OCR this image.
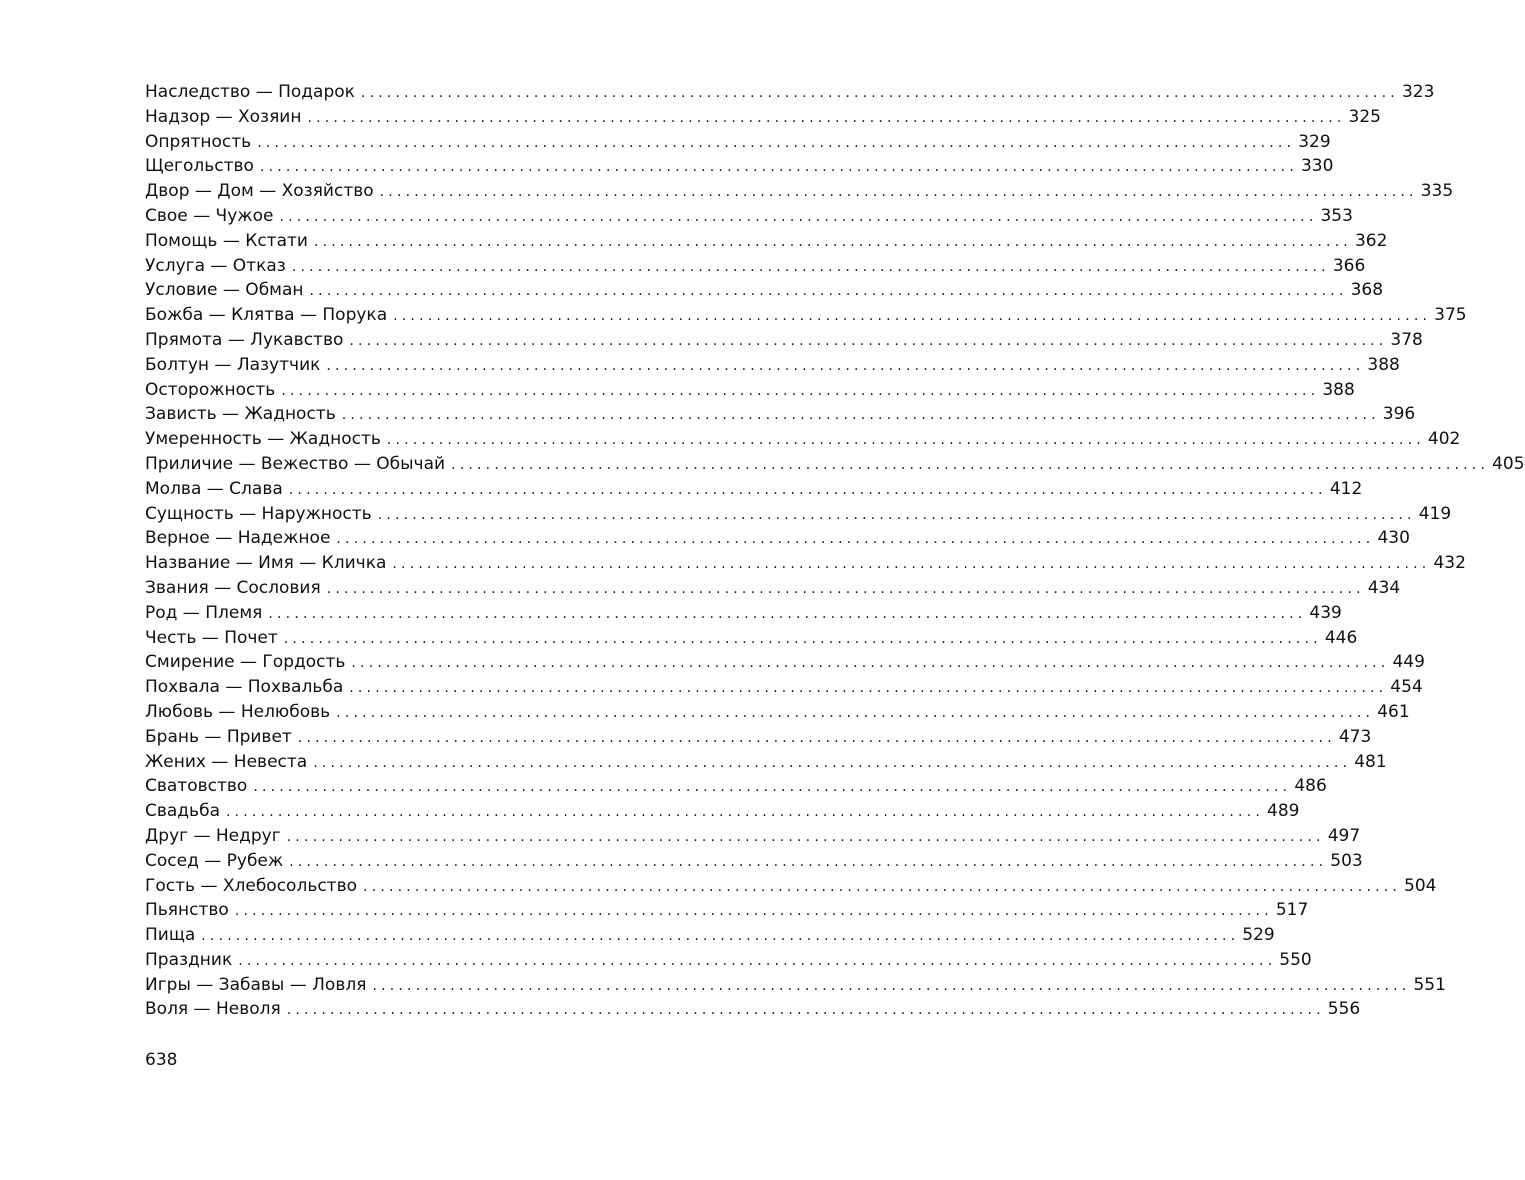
Наследство — Подарок ........................................................................................................................ 323
Надзор — Хозяин ........................................................................................................................ 325
Опрятность ........................................................................................................................ 329
Щегольство ........................................................................................................................ 330
Двор — Дом — Хозяйство ........................................................................................................................ 335
Свое — Чужое ........................................................................................................................ 353
Помощь — Кстати ........................................................................................................................ 362
Услуга — Отказ ........................................................................................................................ 366
Условие — Обман ........................................................................................................................ 368
Божба — Клятва — Порука ........................................................................................................................ 375
Прямота — Лукавство ........................................................................................................................ 378
Болтун — Лазутчик ........................................................................................................................ 388
Осторожность ........................................................................................................................ 388
Зависть — Жадность ........................................................................................................................ 396
Умеренность — Жадность ........................................................................................................................ 402
Приличие — Вежество — Обычай ........................................................................................................................ 405
Молва — Слава ........................................................................................................................ 412
Сущность — Наружность ........................................................................................................................ 419
Верное — Надежное ........................................................................................................................ 430
Название — Имя — Кличка ........................................................................................................................ 432
Звания — Сословия ........................................................................................................................ 434
Род — Племя ........................................................................................................................ 439
Честь — Почет ........................................................................................................................ 446
Смирение — Гордость ........................................................................................................................ 449
Похвала — Похвальба ........................................................................................................................ 454
Любовь — Нелюбовь ........................................................................................................................ 461
Брань — Привет ........................................................................................................................ 473
Жених — Невеста ........................................................................................................................ 481
Сватовство ........................................................................................................................ 486
Свадьба ........................................................................................................................ 489
Друг — Недруг ........................................................................................................................ 497
Сосед — Рубеж ........................................................................................................................ 503
Гость — Хлебосольство ........................................................................................................................ 504
Пьянство ........................................................................................................................ 517
Пища ........................................................................................................................ 529
Праздник ........................................................................................................................ 550
Игры — Забавы — Ловля ........................................................................................................................ 551
Воля — Неволя ........................................................................................................................ 556
638
